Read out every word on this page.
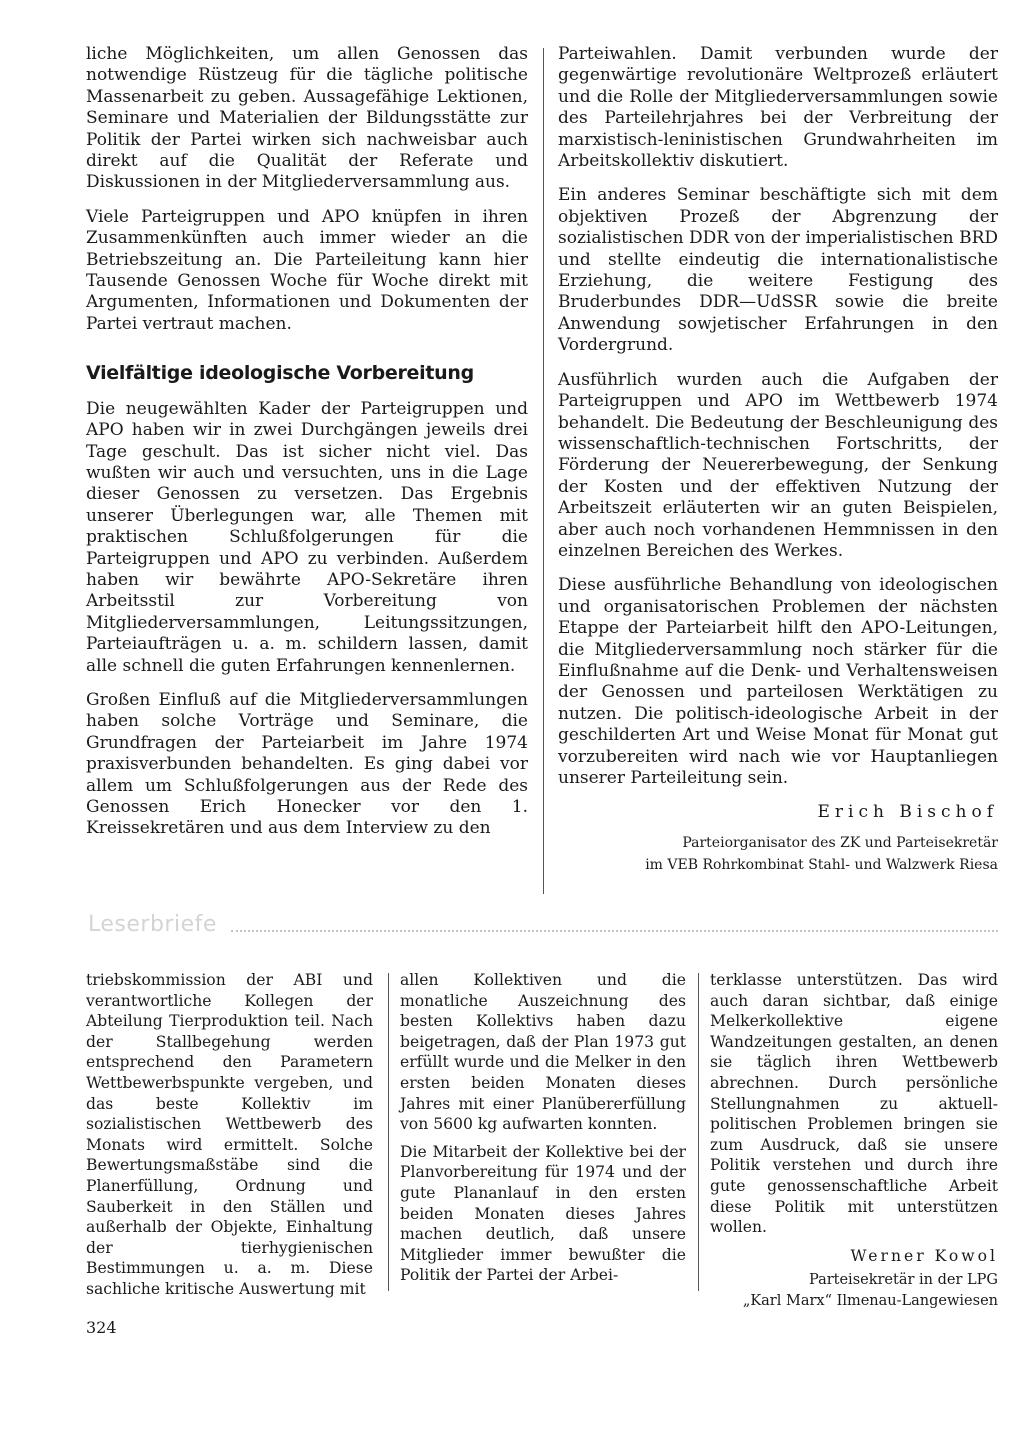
liche Möglichkeiten, um allen Genossen das notwendige Rüstzeug für die tägliche politische Massenarbeit zu geben. Aussagefähige Lektionen, Seminare und Materialien der Bildungsstätte zur Politik der Partei wirken sich nachweisbar auch direkt auf die Qualität der Referate und Diskussionen in der Mitgliederversammlung aus.

Viele Parteigruppen und APO knüpfen in ihren Zusammenkünften auch immer wieder an die Betriebszeitung an. Die Parteileitung kann hier Tausende Genossen Woche für Woche direkt mit Argumenten, Informationen und Dokumenten der Partei vertraut machen.

Vielfältige ideologische Vorbereitung

Die neugewählten Kader der Parteigruppen und APO haben wir in zwei Durchgängen jeweils drei Tage geschult. Das ist sicher nicht viel. Das wußten wir auch und versuchten, uns in die Lage dieser Genossen zu versetzen. Das Ergebnis unserer Überlegungen war, alle Themen mit praktischen Schlußfolgerungen für die Parteigruppen und APO zu verbinden. Außerdem haben wir bewährte APO-Sekretäre ihren Arbeitsstil zur Vorbereitung von Mitgliederversammlungen, Leitungssitzungen, Parteiaufträgen u. a. m. schildern lassen, damit alle schnell die guten Erfahrungen kennenlernen.

Großen Einfluß auf die Mitgliederversammlungen haben solche Vorträge und Seminare, die Grundfragen der Parteiarbeit im Jahre 1974 praxisverbunden behandelten. Es ging dabei vor allem um Schlußfolgerungen aus der Rede des Genossen Erich Honecker vor den 1. Kreissekretären und aus dem Interview zu den

Parteiwahlen. Damit verbunden wurde der gegenwärtige revolutionäre Weltprozeß erläutert und die Rolle der Mitgliederversammlungen sowie des Parteilehrjahres bei der Verbreitung der marxistisch-leninistischen Grundwahrheiten im Arbeitskollektiv diskutiert.

Ein anderes Seminar beschäftigte sich mit dem objektiven Prozeß der Abgrenzung der sozialistischen DDR von der imperialistischen BRD und stellte eindeutig die internationalistische Erziehung, die weitere Festigung des Bruderbundes DDR—UdSSR sowie die breite Anwendung sowjetischer Erfahrungen in den Vordergrund.

Ausführlich wurden auch die Aufgaben der Parteigruppen und APO im Wettbewerb 1974 behandelt. Die Bedeutung der Beschleunigung des wissenschaftlich-technischen Fortschritts, der Förderung der Neuererbewegung, der Senkung der Kosten und der effektiven Nutzung der Arbeitszeit erläuterten wir an guten Beispielen, aber auch noch vorhandenen Hemmnissen in den einzelnen Bereichen des Werkes.

Diese ausführliche Behandlung von ideologischen und organisatorischen Problemen der nächsten Etappe der Parteiarbeit hilft den APO-Leitungen, die Mitgliederversammlung noch stärker für die Einflußnahme auf die Denk- und Verhaltensweisen der Genossen und parteilosen Werktätigen zu nutzen. Die politisch-ideologische Arbeit in der geschilderten Art und Weise Monat für Monat gut vorzubereiten wird nach wie vor Hauptanliegen unserer Parteileitung sein.

Erich Bischof

Parteiorganisator des ZK und Parteisekretär

im VEB Rohrkombinat Stahl- und Walzwerk Riesa

Leserbriefe

triebskommission der ABI und verantwortliche Kollegen der Abteilung Tierproduktion teil. Nach der Stallbegehung werden entsprechend den Parametern Wettbewerbspunkte vergeben, und das beste Kollektiv im sozialistischen Wettbewerb des Monats wird ermittelt. Solche Bewertungsmaßstäbe sind die Planerfüllung, Ordnung und Sauberkeit in den Ställen und außerhalb der Objekte, Einhaltung der tierhygienischen Bestimmungen u. a. m. Diese sachliche kritische Auswertung mit

allen Kollektiven und die monatliche Auszeichnung des besten Kollektivs haben dazu beigetragen, daß der Plan 1973 gut erfüllt wurde und die Melker in den ersten beiden Monaten dieses Jahres mit einer Planübererfüllung von 5600 kg aufwarten konnten.

Die Mitarbeit der Kollektive bei der Planvorbereitung für 1974 und der gute Plananlauf in den ersten beiden Monaten dieses Jahres machen deutlich, daß unsere Mitglieder immer bewußter die Politik der Partei der Arbei-

terklasse unterstützen. Das wird auch daran sichtbar, daß einige Melkerkollektive eigene Wandzeitungen gestalten, an denen sie täglich ihren Wettbewerb abrechnen. Durch persönliche Stellungnahmen zu aktuell-politischen Problemen bringen sie zum Ausdruck, daß sie unsere Politik verstehen und durch ihre gute genossenschaftliche Arbeit diese Politik mit unterstützen wollen.

Werner Kowol

Parteisekretär in der LPG

„Karl Marx“ Ilmenau-Langewiesen

324
